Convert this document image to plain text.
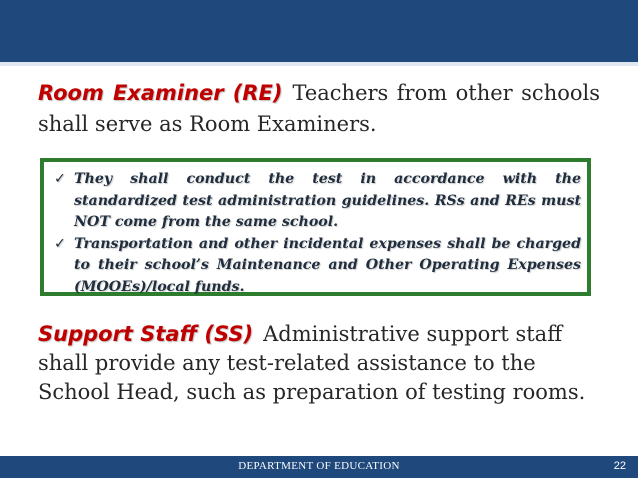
Room Examiner (RE) Teachers from other schools shall serve as Room Examiners.
✓ They shall conduct the test in accordance with the standardized test administration guidelines. RSs and REs must NOT come from the same school.
✓ Transportation and other incidental expenses shall be charged to their school’s Maintenance and Other Operating Expenses (MOOEs)/local funds.
Support Staff (SS) Administrative support staff shall provide any test-related assistance to the School Head, such as preparation of testing rooms.
DEPARTMENT OF EDUCATION	22
